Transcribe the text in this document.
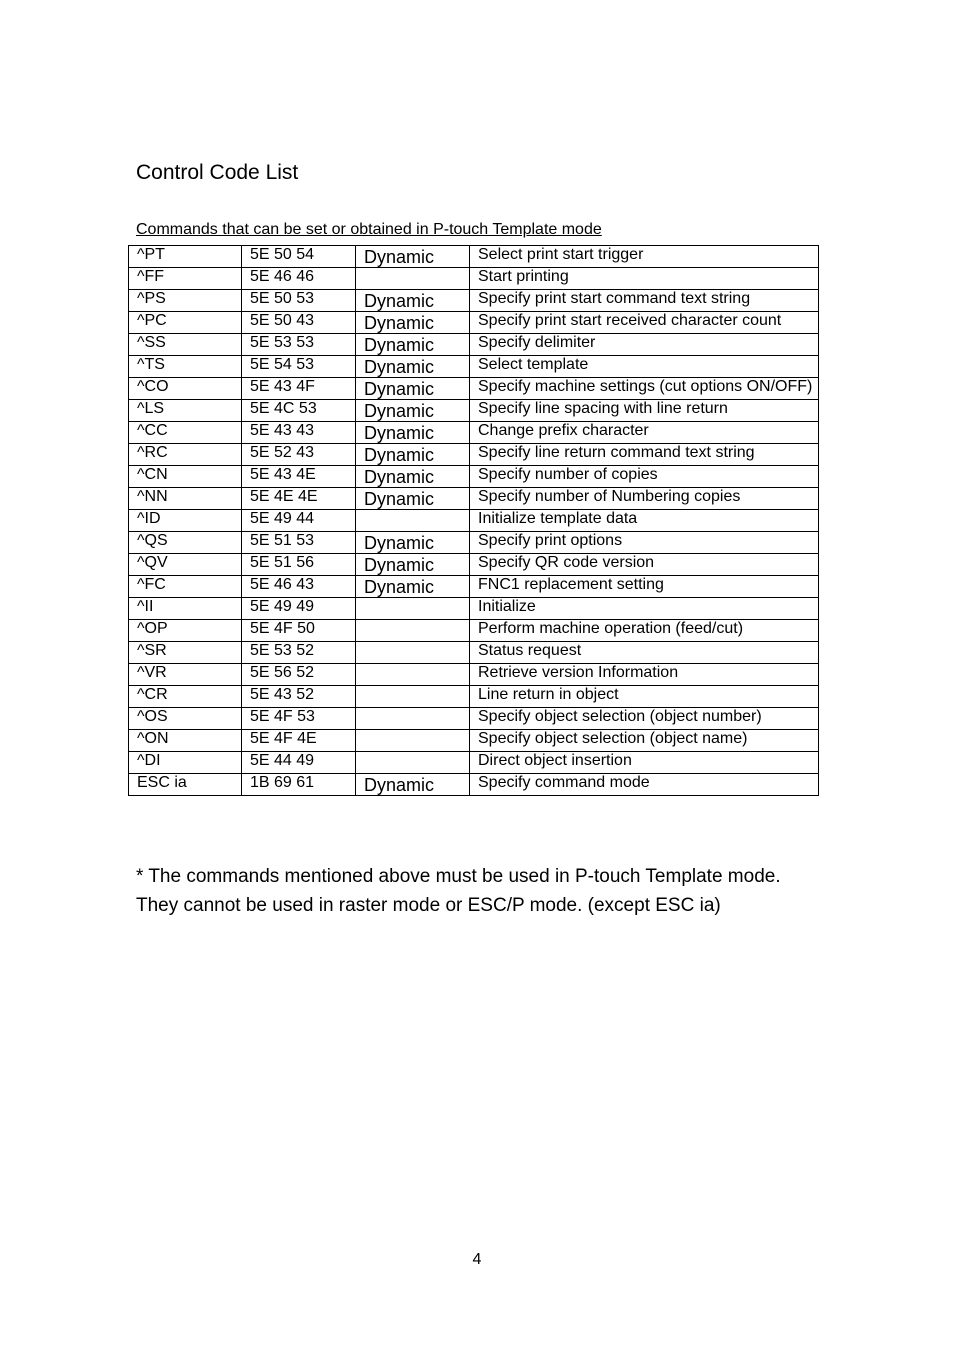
Control Code List
Commands that can be set or obtained in P-touch Template mode
^PT	5E 50 54	Dynamic	Select print start trigger
^FF	5E 46 46		Start printing
^PS	5E 50 53	Dynamic	Specify print start command text string
^PC	5E 50 43	Dynamic	Specify print start received character count
^SS	5E 53 53	Dynamic	Specify delimiter
^TS	5E 54 53	Dynamic	Select template
^CO	5E 43 4F	Dynamic	Specify machine settings (cut options ON/OFF)
^LS	5E 4C 53	Dynamic	Specify line spacing with line return
^CC	5E 43 43	Dynamic	Change prefix character
^RC	5E 52 43	Dynamic	Specify line return command text string
^CN	5E 43 4E	Dynamic	Specify number of copies
^NN	5E 4E 4E	Dynamic	Specify number of Numbering copies
^ID	5E 49 44		Initialize template data
^QS	5E 51 53	Dynamic	Specify print options
^QV	5E 51 56	Dynamic	Specify QR code version
^FC	5E 46 43	Dynamic	FNC1 replacement setting
^II	5E 49 49		Initialize
^OP	5E 4F 50		Perform machine operation (feed/cut)
^SR	5E 53 52		Status request
^VR	5E 56 52		Retrieve version Information
^CR	5E 43 52		Line return in object
^OS	5E 4F 53		Specify object selection (object number)
^ON	5E 4F 4E		Specify object selection (object name)
^DI	5E 44 49		Direct object insertion
ESC ia	1B 69 61	Dynamic	Specify command mode
* The commands mentioned above must be used in P-touch Template mode.
They cannot be used in raster mode or ESC/P mode. (except ESC ia)
4
